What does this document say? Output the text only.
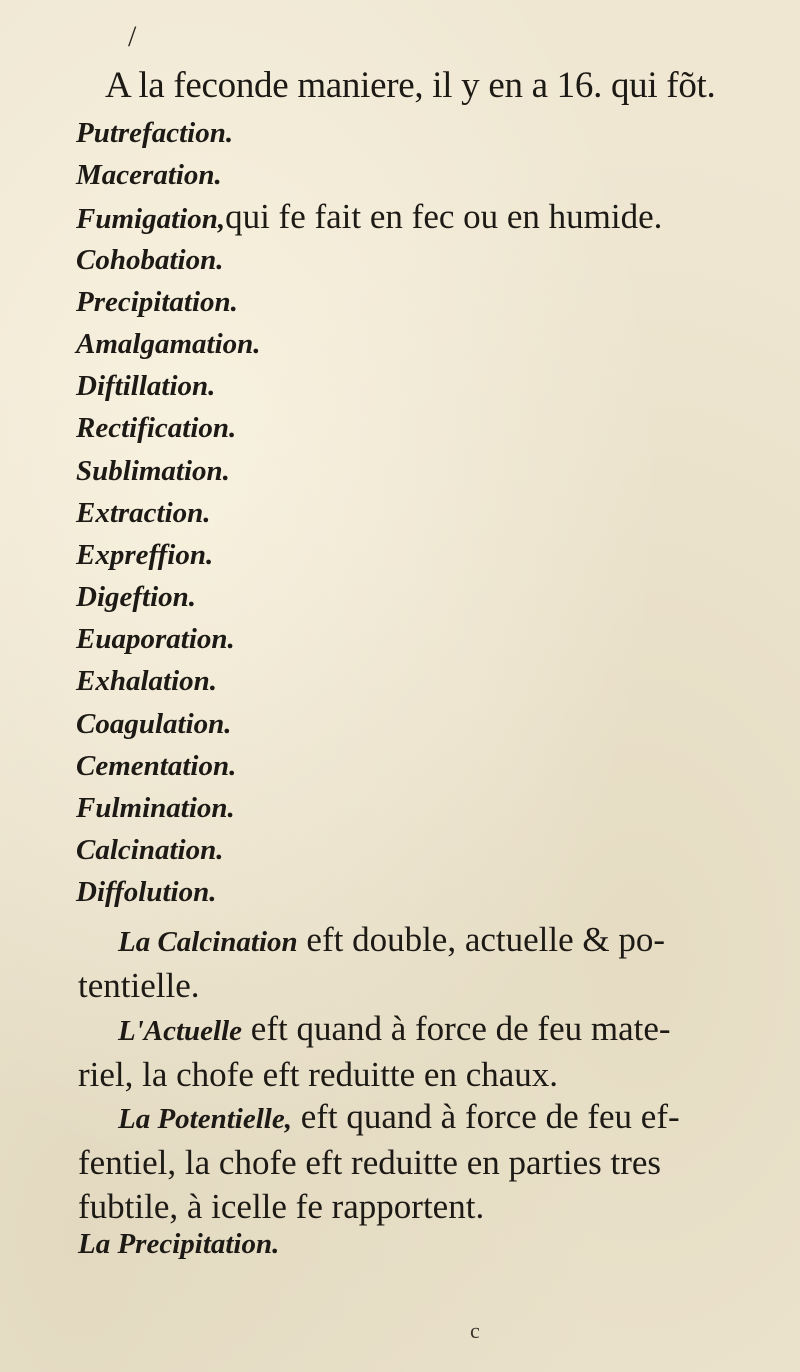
/
A la feconde maniere, il y en a 16. qui fõt.
Putrefaction.
Maceration.
Fumigation,qui fe fait en fec ou en humide.
Cohobation.
Precipitation.
Amalgamation.
Diftillation.
Rectification.
Sublimation.
Extraction.
Expreffion.
Digeftion.
Euaporation.
Exhalation.
Coagulation.
Cementation.
Fulmination.
Calcination.
Diffolution.
La Calcination eft double, actuelle & po-
tentielle.
L'Actuelle eft quand à force de feu mate-
riel, la chofe eft reduitte en chaux.
La Potentielle, eft quand à force de feu ef-
fentiel, la chofe eft reduitte en parties tres
fubtile, à icelle fe rapportent.
La Precipitation.
c
